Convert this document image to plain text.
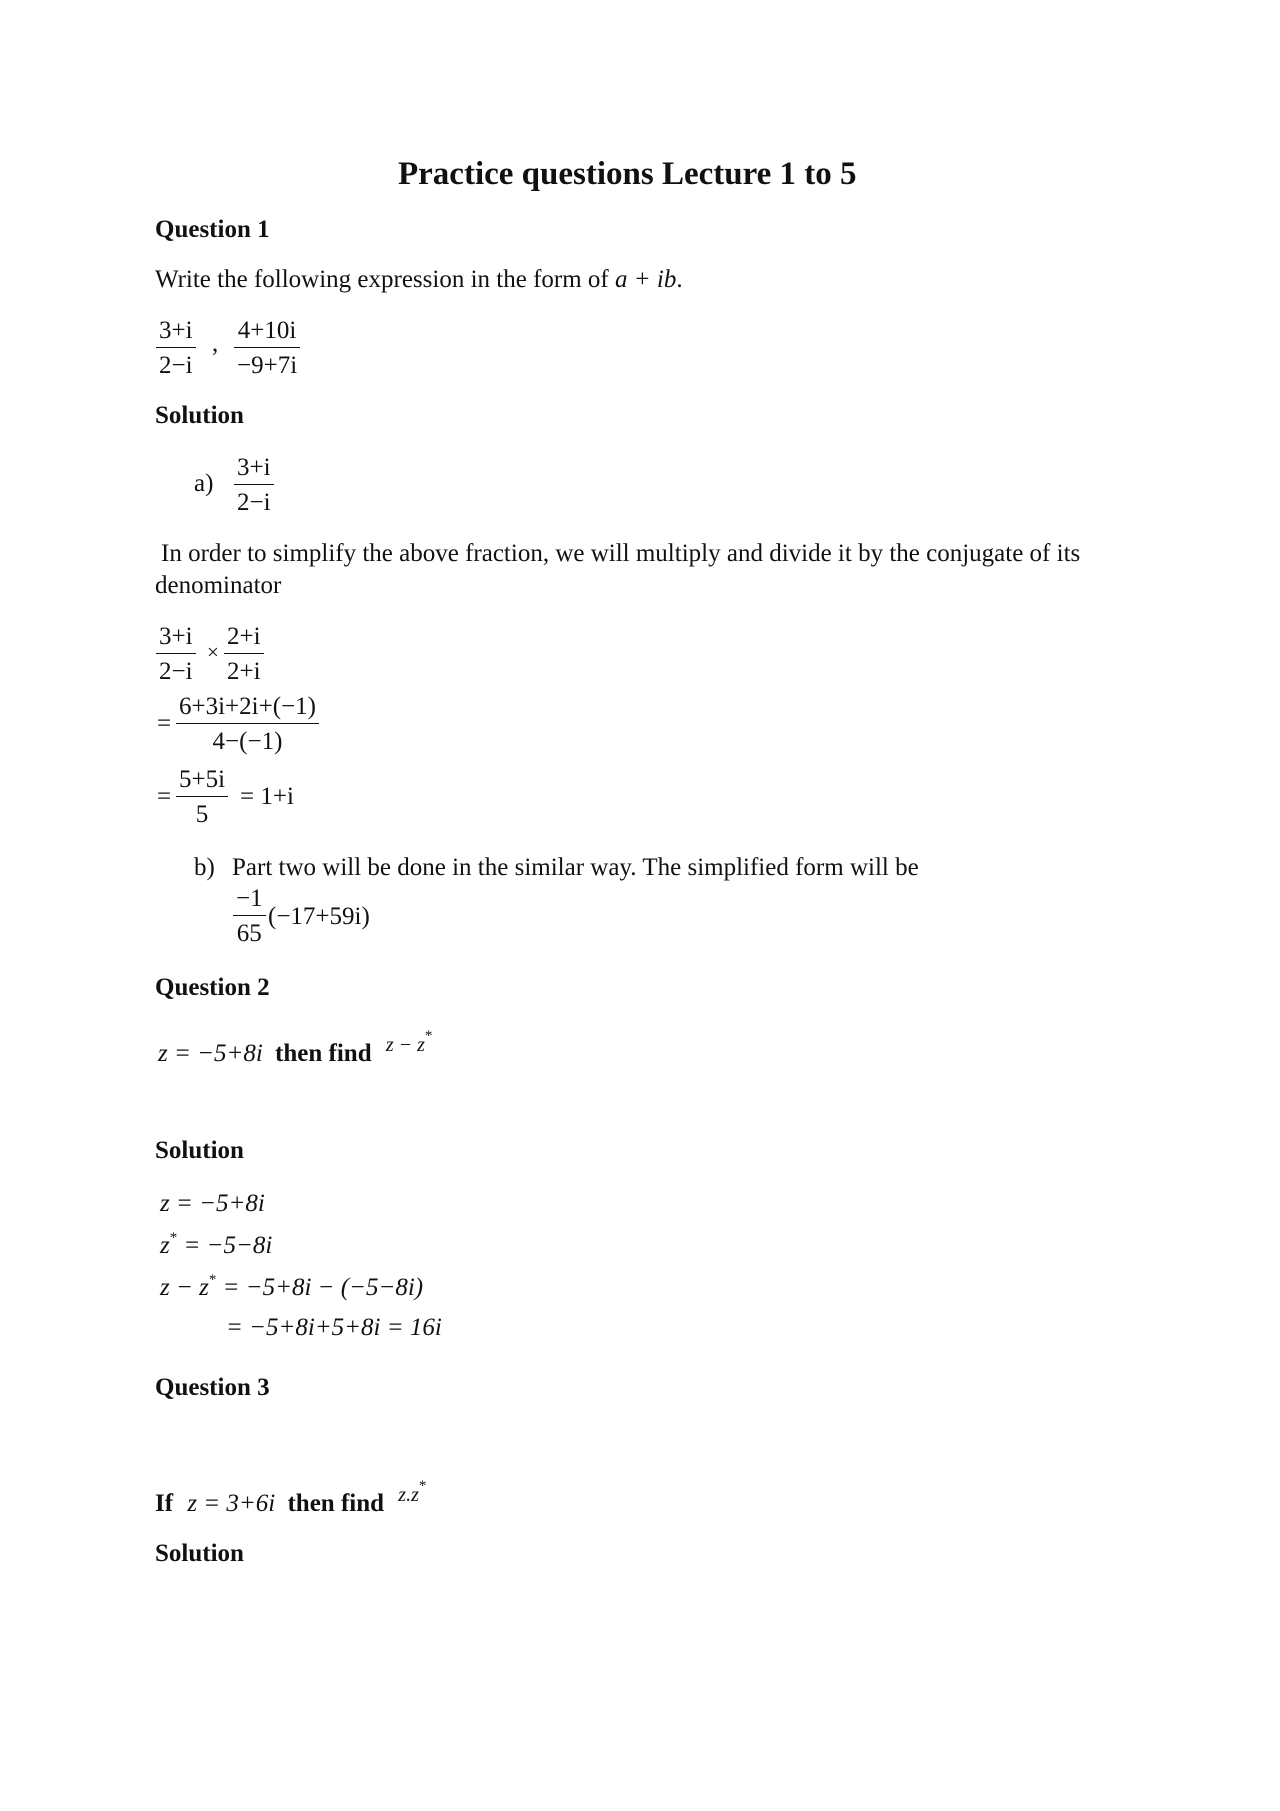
Practice questions Lecture 1 to 5
Question 1
Write the following expression in the form of a + ib.
$\frac{3+i}{2-i}$ , $\frac{4+10i}{-9+7i}$
Solution
$a) \frac{3+i}{2-i}$
In order to simplify the above fraction, we will multiply and divide it by the conjugate of its
denominator
$\frac{3+i}{2-i} \times \frac{2+i}{2+i}$
= $\frac{6+3i+2i+(-1)}{4-(-1)}$
= $\frac{5+5i}{5} = 1+i$
b) Part two will be done in the similar way. The simplified form will be
$\frac{-1}{65} (-17+59i)$
Question 2
z = −5+8i then find $^{z - z^*}$
Solution
z = −5+8i
z* = −5−8i
z − z* = −5+8i − (−5−8i)
= −5+8i+5+8i = 16i
Question 3
If z = 3+6i then find $^{z.z^*}$
Solution
